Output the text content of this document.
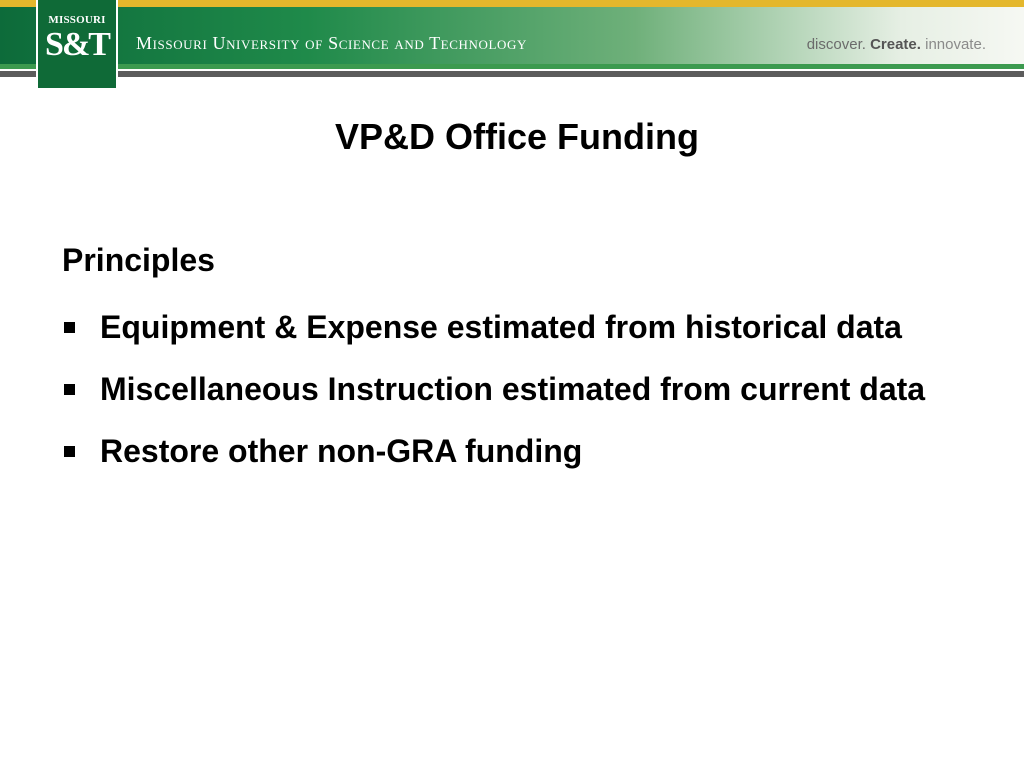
MISSOURI
S&T	Missouri University of Science and Technology	discover. Create. innovate.
VP&D Office Funding
Principles
Equipment & Expense estimated from historical data
Miscellaneous Instruction estimated from current data
Restore other non-GRA funding
